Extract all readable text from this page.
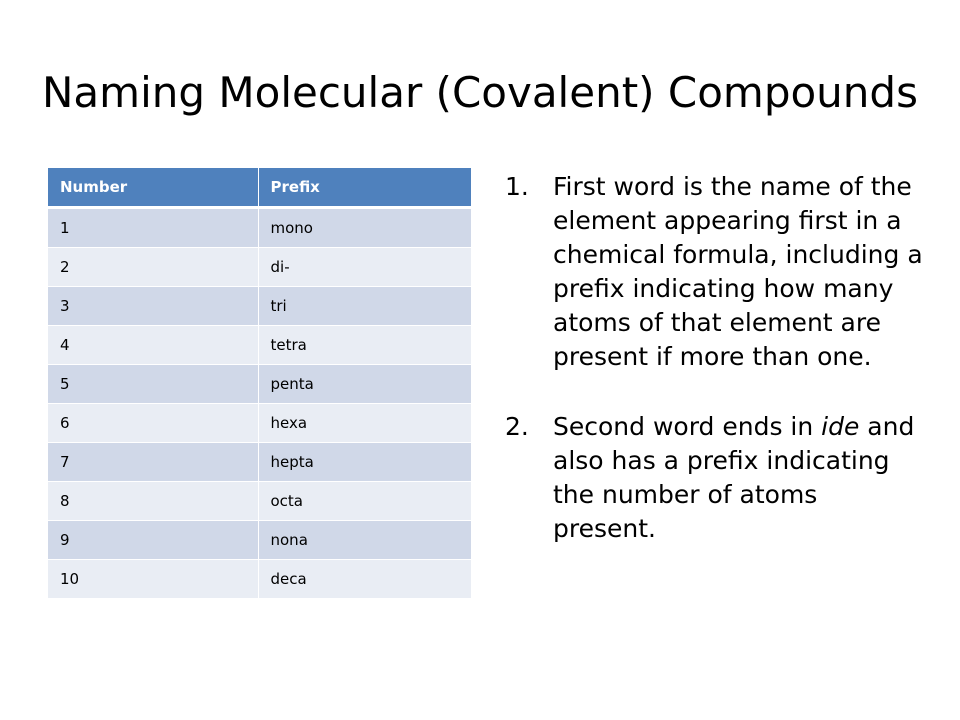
Naming Molecular (Covalent) Compounds
Number	Prefix
1	mono
2	di-
3	tri
4	tetra
5	penta
6	hexa
7	hepta
8	octa
9	nona
10	deca
1. First word is the name of the element appearing first in a chemical formula, including a prefix indicating how many atoms of that element are present if more than one.
2. Second word ends in ide and also has a prefix indicating the number of atoms present.
